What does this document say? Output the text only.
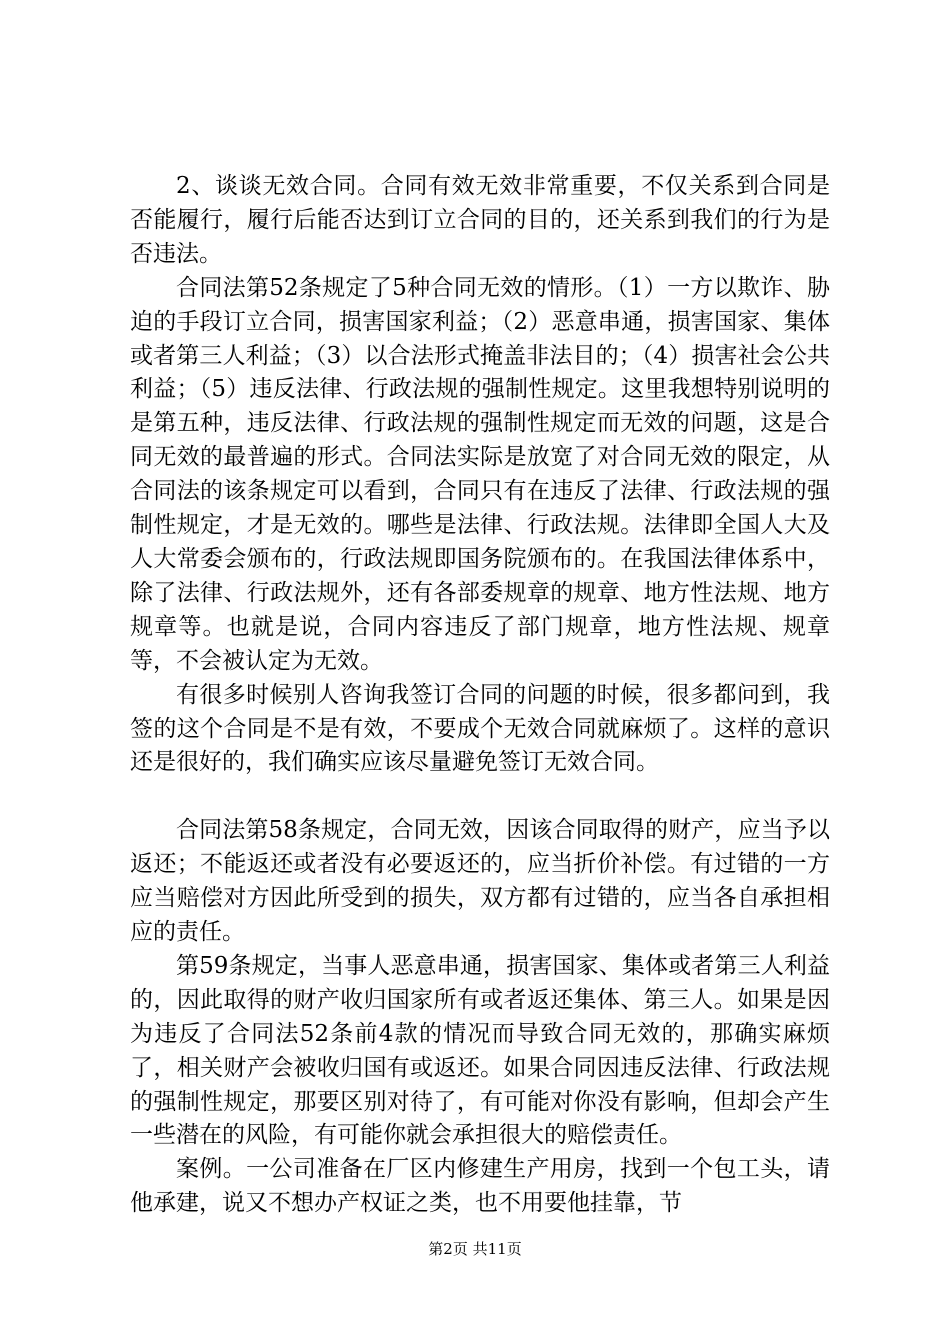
2、谈谈无效合同。合同有效无效非常重要，不仅关系到合同是否能履行，履行后能否达到订立合同的目的，还关系到我们的行为是否违法。

合同法第52条规定了5种合同无效的情形。（1）一方以欺诈、胁迫的手段订立合同，损害国家利益；（2）恶意串通，损害国家、集体或者第三人利益；（3）以合法形式掩盖非法目的；（4）损害社会公共利益；（5）违反法律、行政法规的强制性规定。这里我想特别说明的是第五种，违反法律、行政法规的强制性规定而无效的问题，这是合同无效的最普遍的形式。合同法实际是放宽了对合同无效的限定，从合同法的该条规定可以看到，合同只有在违反了法律、行政法规的强制性规定，才是无效的。哪些是法律、行政法规。法律即全国人大及人大常委会颁布的，行政法规即国务院颁布的。在我国法律体系中，除了法律、行政法规外，还有各部委规章的规章、地方性法规、地方规章等。也就是说，合同内容违反了部门规章，地方性法规、规章等，不会被认定为无效。

有很多时候别人咨询我签订合同的问题的时候，很多都问到，我签的这个合同是不是有效，不要成个无效合同就麻烦了。这样的意识还是很好的，我们确实应该尽量避免签订无效合同。

合同法第58条规定，合同无效，因该合同取得的财产，应当予以返还；不能返还或者没有必要返还的，应当折价补偿。有过错的一方应当赔偿对方因此所受到的损失，双方都有过错的，应当各自承担相应的责任。

第59条规定，当事人恶意串通，损害国家、集体或者第三人利益的，因此取得的财产收归国家所有或者返还集体、第三人。如果是因为违反了合同法52条前4款的情况而导致合同无效的，那确实麻烦了，相关财产会被收归国有或返还。如果合同因违反法律、行政法规的强制性规定，那要区别对待了，有可能对你没有影响，但却会产生一些潜在的风险，有可能你就会承担很大的赔偿责任。

案例。一公司准备在厂区内修建生产用房，找到一个包工头，请他承建，说又不想办产权证之类，也不用要他挂靠，节

第2页 共11页
